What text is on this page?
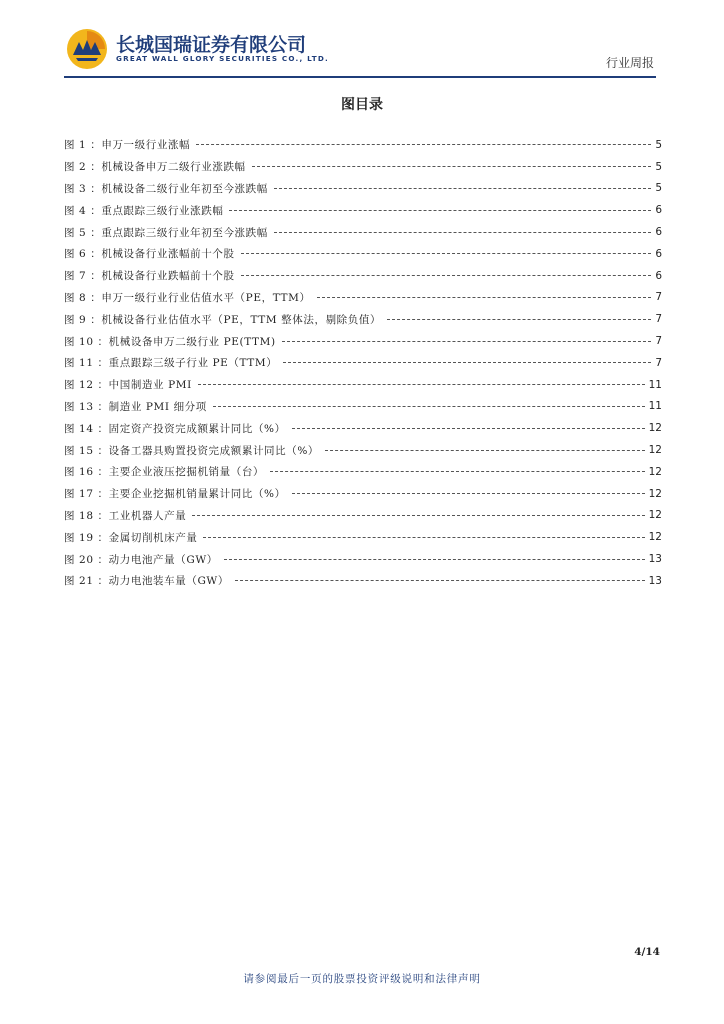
长城国瑞证券有限公司
GREAT WALL GLORY SECURITIES CO., LTD.	行业周报
图目录
图 1 ：申万一级行业涨幅	5
图 2 ：机械设备申万二级行业涨跌幅	5
图 3 ：机械设备二级行业年初至今涨跌幅	5
图 4 ：重点跟踪三级行业涨跌幅	6
图 5 ：重点跟踪三级行业年初至今涨跌幅	6
图 6 ：机械设备行业涨幅前十个股	6
图 7 ：机械设备行业跌幅前十个股	6
图 8 ：申万一级行业行业估值水平（PE，TTM）	7
图 9 ：机械设备行业估值水平（PE，TTM 整体法，剔除负值）	7
图 10 ：机械设备申万二级行业 PE(TTM)	7
图 11 ：重点跟踪三级子行业 PE（TTM）	7
图 12 ：中国制造业 PMI	11
图 13 ：制造业 PMI 细分项	11
图 14 ：固定资产投资完成额累计同比（%）	12
图 15 ：设备工器具购置投资完成额累计同比（%）	12
图 16 ：主要企业液压挖掘机销量（台）	12
图 17 ：主要企业挖掘机销量累计同比（%）	12
图 18 ：工业机器人产量	12
图 19 ：金属切削机床产量	12
图 20 ：动力电池产量（GW）	13
图 21 ：动力电池装车量（GW）	13
4/14
请参阅最后一页的股票投资评级说明和法律声明
